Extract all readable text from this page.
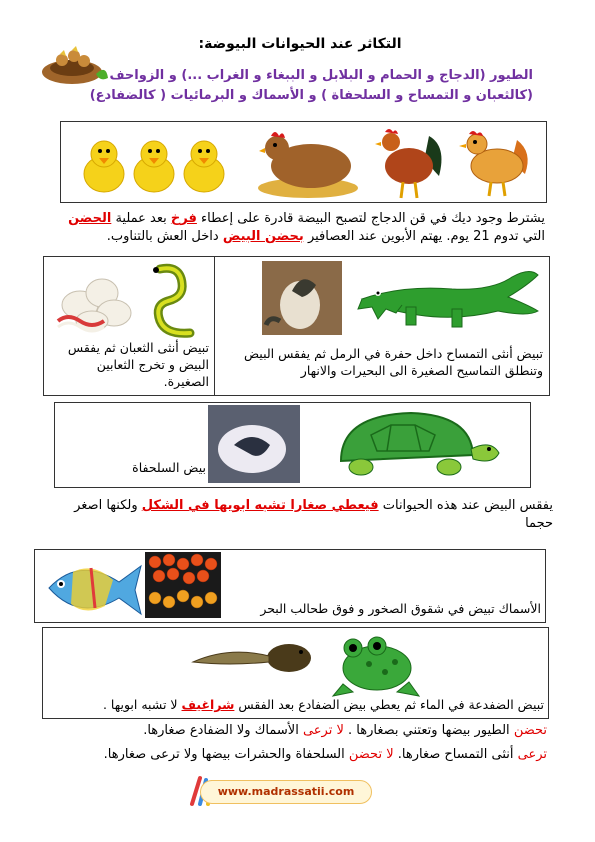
التكاثر عند الحيوانات البيوضة:
الطيور (الدجاج و الحمام و البلابل و الببغاء و الغراب ...) و الزواحف (كالثعبان و التمساح و السلحفاة ) و الأسماك و البرمائيات ( كالضفادع)
يشترط وجود ديك في قن الدجاج لتصبح البيضة قادرة على إعطاء فرخ بعد عملية الحضن التي تدوم 21 يوم. يهتم الأبوين عند العصافير بحضن البيض داخل العش بالتناوب.
تبيض أنثى الثعبان ثم يفقس البيض و تخرج الثعابين الصغيرة.
تبيض أنثى التمساح داخل حفرة في الرمل ثم يفقس البيض وتنطلق التماسيح الصغيرة الى البحيرات والانهار
بيض السلحفاة
يفقس البيض عند هذه الحيوانات فيعطي صغارا تشبه ابويها في الشكل ولكنها اصغر حجما
الأسماك تبيض في شقوق الصخور و فوق طحالب البحر
تبيض الضفدعة في الماء ثم يعطي بيض الضفادع بعد الفقس شراغيف لا تشبه ابويها .
تحضن الطيور بيضها وتعتني بصغارها . لا ترعى الأسماك ولا الضفادع صغارها.
ترعى أنثى التمساح صغارها. لا تحضن السلحفاة والحشرات بيضها ولا ترعى صغارها.
www.madrassatii.com
